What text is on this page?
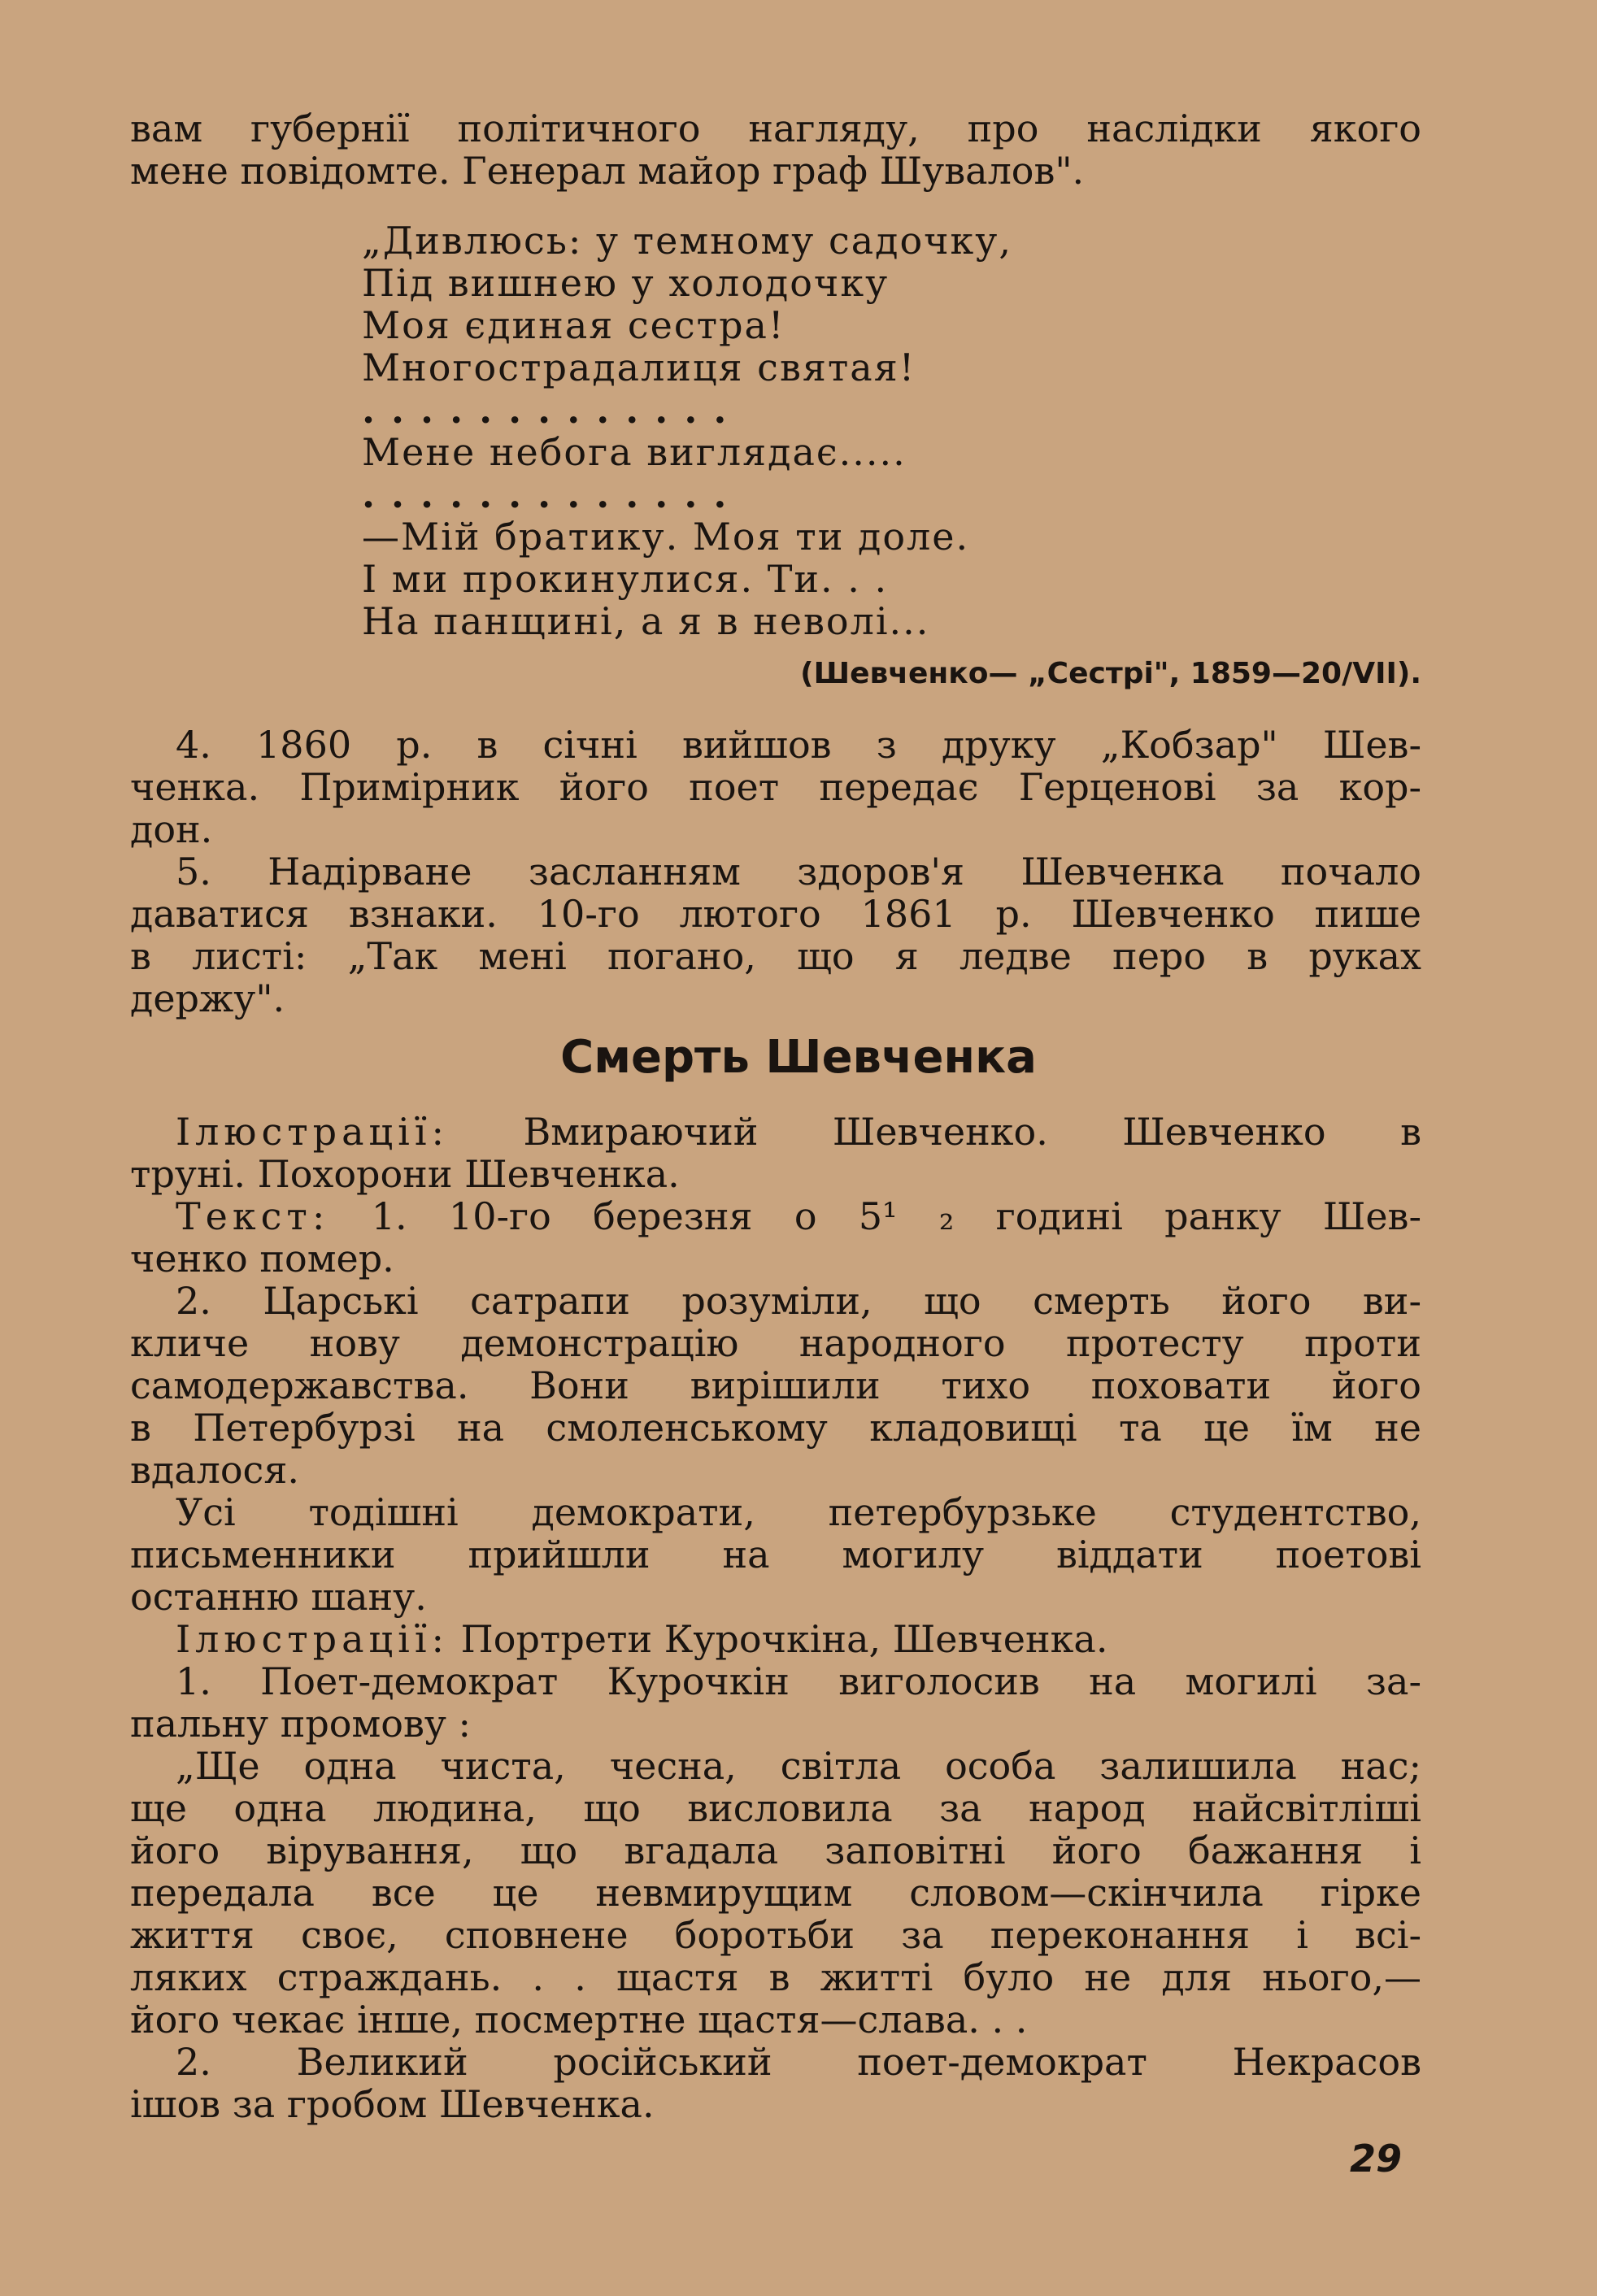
вам губернії політичного нагляду, про наслідки якого
мене повідомте. Генерал майор граф Шувалов".
„Дивлюсь: у темному садочку,
Під вишнею у холодочку
Моя єдиная сестра!
Многострадалиця святая!
. . . . . . . . . . . . .
Мене небога виглядає.....
. . . . . . . . . . . . .
—Мій братику. Моя ти доле.
І ми прокинулися. Ти. . .
На панщині, а я в неволі...
(Шевченко— „Сестрі", 1859—20/VII).
4. 1860 р. в січні вийшов з друку „Кобзар" Шев-
ченка. Примірник його поет передає Герценові за кор-
дон.
5. Надірване засланням здоров'я Шевченка почало
даватися взнаки. 10-го лютого 1861 р. Шевченко пише
в листі: „Так мені погано, що я ледве перо в руках
держу".
Смерть Шевченка
Ілюстрації: Вмираючий Шевченко. Шевченко в
труні. Похорони Шевченка.
Текст: 1. 10-го березня о 5¹ ₂ годині ранку Шев-
ченко помер.
2. Царські сатрапи розуміли, що смерть його ви-
кличе нову демонстрацію народного протесту проти
самодержавства. Вони вирішили тихо поховати його
в Петербурзі на смоленському кладовищі та це їм не
вдалося.
Усі тодішні демократи, петербурзьке студентство,
письменники прийшли на могилу віддати поетові
останню шану.
Ілюстрації: Портрети Курочкіна, Шевченка.
1. Поет-демократ Курочкін виголосив на могилі за-
пальну промову :
„Ще одна чиста, чесна, світла особа залишила нас;
ще одна людина, що висловила за народ найсвітліші
його вірування, що вгадала заповітні його бажання і
передала все це невмирущим словом—скінчила гірке
життя своє, сповнене боротьби за переконання і всі-
ляких страждань. . . щастя в житті було не для нього,—
його чекає інше, посмертне щастя—слава. . .
2. Великий російський поет-демократ Некрасов
ішов за гробом Шевченка.
29
